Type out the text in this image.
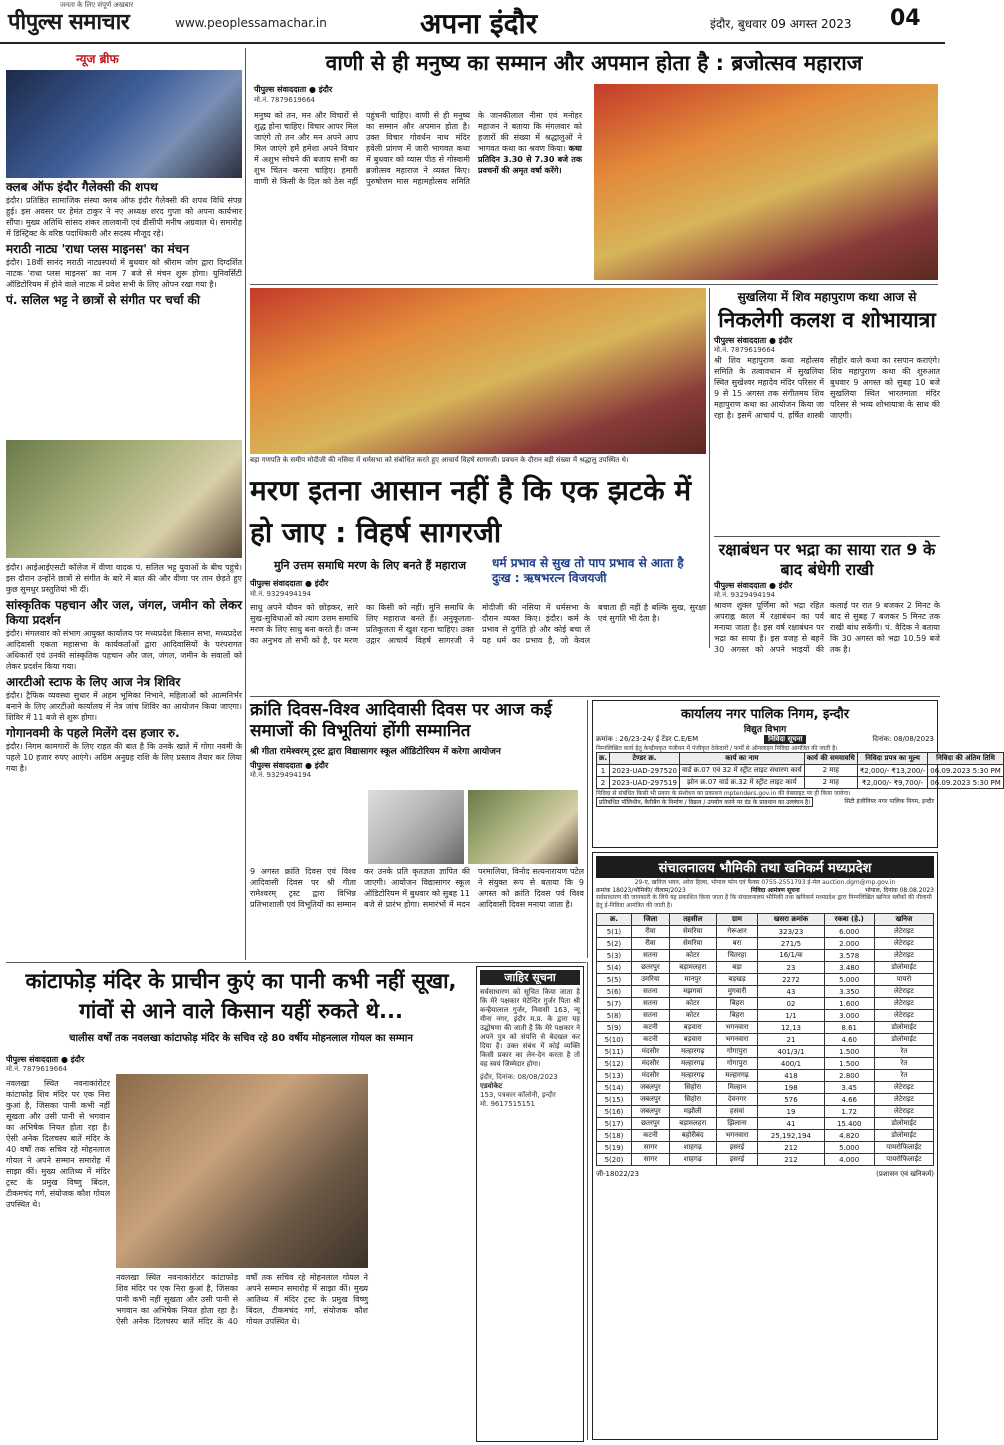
पीपुल्स समाचार
जनता के लिए संपूर्ण अखबार
www.peoplessamachar.in	अपना इंदौर	इंदौर, बुधवार 09 अगस्त 2023 04
न्यूज ब्रीफ
क्लब ऑफ इंदौर गैलेक्सी की शपथ

इंदौर। प्रतिष्ठित सामाजिक संस्था क्लब ऑफ इंदौर गैलेक्सी की शपथ विधि संपन्न हुई। इस अवसर पर हेमंत टाकुर ने नए अध्यक्ष शरद गुप्ता को अपना कार्यभार सौंपा। मुख्य अतिथि सांसद शंकर लालवानी एवं डीसीपी मनीष अग्रवाल थे। समारोह में डिस्ट्रिक्ट के वरिष्ठ पदाधिकारी और सदस्य मौजूद रहे।

मराठी नाट्य 'राधा प्लस माइनस' का मंचन

इंदौर। 18वीं सानंद मराठी नाट्यस्पर्धा में बुधवार को श्रीराम जोग द्वारा दिग्दर्शित नाटक 'राधा प्लस माइनस' का नाम 7 बजे से मंचन शुरू होगा। युनिवर्सिटी ऑडिटोरियम में होने वाले नाटक में प्रवेश सभी के लिए ओपन रखा गया है।

पं. सलिल भट्ट ने छात्रों से संगीत पर चर्चा की

इंदौर। आईआईएसटी कॉलेज में वीणा वादक पं. सलिल भट्ट युवाओं के बीच पहुंचे। इस दौरान उन्होंने छात्रों से संगीत के बारे में बात की और वीणा पर तान छेड़ते हुए कुछ सुमधुर प्रस्तुतियां भी दीं।

सांस्कृतिक पहचान और जल, जंगल, जमीन को लेकर किया प्रदर्शन

इंदौर। मंगलवार को संभाग आयुक्त कार्यालय पर मध्यप्रदेश किसान सभा, मध्यप्रदेश आदिवासी एकता महासभा के कार्यकर्ताओं द्वारा आदिवासियों के परंपरागत अधिकारों एवं उनकी सांस्कृतिक पहचान और जल, जंगल, जमीन के सवालों को लेकर प्रदर्शन किया गया।

आरटीओ स्टाफ के लिए आज नेत्र शिविर

इंदौर। ट्रैफिक व्यवस्था सुधार में अहम भूमिका निभाने, महिलाओं को आत्मनिर्भर बनाने के लिए आरटीओ कार्यालय में नेत्र जांच शिविर का आयोजन किया जाएगा। शिविर में 11 बजे से शुरू होगा।

गोगानवमी के पहले मिलेंगे दस हजार रु.

इंदौर। निगम कामगारों के लिए राहत की बात है कि उनके खाते में गोगा नवमी के पहले 10 हजार रुपए आएंगे। अग्रिम अनुग्रह राशि के लिए प्रस्ताव तैयार कर लिया गया है।

वाणी से ही मनुष्य का सम्मान और अपमान होता है : ब्रजोत्सव महाराज
पीपुल्स संवाददाता ● इंदौर
मो.नं. 7879619664
मनुष्य को तन, मन और विचारों से शुद्ध होना चाहिए। विचार आपर मिल जाएंगे तो तन और मन अपने आप मिल जाएंगे हमें हमेशा अपने विचार में अशुभ सोचने की बजाय सभी का शुभ चिंतन करना चाहिए। हमारी वाणी से किसी के दिल को ठेस नहीं पहुंचनी चाहिए। वाणी से ही मनुष्य का सम्मान और अपमान होता है। उक्त विचार गोवर्धन नाथ मंदिर हवेली प्रांगण में जारी भागवत कथा में बुधवार को व्यास पीठ से गोस्वामी ब्रजोत्सव महाराज ने व्यक्त किए। पुरुषोत्तम मास महामहोत्सव समिति के जानकीलाल नीमा एवं मनोहर महाजन ने बताया कि मंगलवार को हजारों की संख्या में श्रद्धालुओं ने भागवत कथा का श्रवण किया। कथा प्रतिदिन 3.30 से 7.30 बजे तक प्रवचनों की अमृत वर्षा करेंगे।
बड़ा गणपति के समीप मोदीजी की नसिया में धर्मसभा को संबोधित करते हुए आचार्य विहर्ष सागरजी। प्रवचन के दौरान बड़ी संख्या में श्रद्धालु उपस्थित थे।
मरण इतना आसान नहीं है कि एक झटके में हो जाए : विहर्ष सागरजी
मुनि उत्तम समाधि मरण के लिए बनते हैं महाराज	धर्म प्रभाव से सुख तो पाप प्रभाव से आता है दुःख : ऋषभरत्न विजयजी
पीपुल्स संवाददाता ● इंदौर
मो.नं. 9329494194
साधु अपने यौवन को छोड़कर, सारे सुख-सुविधाओं को त्याग उत्तम समाधि मरण के लिए साधु बना करते हैं। जन्म का अनुभव तो सभी को है, पर मरण का किसी को नहीं। मुनि समाधि के लिए महाराज बनते हैं। अनुकूलता-प्रतिकूलता में खुश रहना चाहिए। उक्त उद्गार आचार्य विहर्ष सागरजी ने मोदीजी की नसिया में धर्मसभा के दौरान व्यक्त किए। इंदौर। कर्म के प्रभाव से दुर्गति हो और कोई बचा लें यह धर्म का प्रभाव है, जो केवल बचाता ही नहीं है बल्कि सुख, सुरक्षा एवं सुगति भी देता है।
सुखलिया में शिव महापुराण कथा आज से
निकलेगी कलश व शोभायात्रा
पीपुल्स संवाददाता ● इंदौर
मो.नं. 7879619664
श्री शिव महापुराण कथा महोत्सव समिति के तत्वावधान में सुखलिया स्थित सुखेश्वर महादेव मंदिर परिसर में 9 से 15 अगस्त तक संगीतमय शिव महापुराण कथा का आयोजन किया जा रहा है। इसमें आचार्य पं. हर्षित शास्त्री सीहोर वाले कथा का रसपान कराएंगे। शिव महापुराण कथा की शुरुआत बुधवार 9 अगस्त को सुबह 10 बजे सुखलिया स्थित भारतमाता मंदिर परिसर से भव्य शोभायात्रा के साथ की जाएगी।
रक्षाबंधन पर भद्रा का साया रात 9 के बाद बंधेगी राखी
पीपुल्स संवाददाता ● इंदौर
मो.नं. 9329494194
श्रावण शुक्ल पूर्णिमा को भद्रा रहित अपराह्न काल में रक्षाबंधन का पर्व मनाया जाता है। इस वर्ष रक्षाबंधन पर भद्रा का साया है। इस वजह से बहनें 30 अगस्त को अपने भाइयों की कलाई पर रात 9 बजकर 2 मिनट के बाद से सुबह 7 बजकर 5 मिनट तक राखी बांध सकेंगी। पं. वैदिक ने बताया कि 30 अगस्त को भद्रा 10.59 बजे तक है।
क्रांति दिवस-विश्व आदिवासी दिवस पर आज कई समाजों की विभूतियां होंगी सम्मानित
श्री गीता रामेश्वरम् ट्रस्ट द्वारा विद्यासागर स्कूल ऑडिटोरियम में करेगा आयोजन
पीपुल्स संवाददाता ● इंदौर
मो.नं. 9329494194
9 अगस्त क्रांति दिवस एवं विश्व आदिवासी दिवस पर श्री गीता रामेश्वरम् ट्रस्ट द्वारा विभिन्न प्रतिभाशाली एवं विभूतियों का सम्मान कर उनके प्रति कृतज्ञता ज्ञापित की जाएगी। आयोजन विद्यासागर स्कूल ऑडिटोरियम में बुधवार को सुबह 11 बजे से प्रारंभ होगा। समारंभों में मदन परमालिया, विनोद सत्यनारायण पटेल ने संयुक्त रूप से बताया कि 9 अगस्त को क्रांति दिवस पर्व विश्व आदिवासी दिवस मनाया जाता है।
कार्यालय नगर पालिक निगम, इन्दौर
विद्युत विभाग
क्रमांक : 26/23-24/ ई टेंडर C.E/EM	निविदा सूचना	दिनांक: 08/08/2023
निम्नलिखित कार्य हेतु केन्द्रीयकृत पंजीयन में पंजीकृत ठेकेदारों / फर्मों से ऑनलाइन निविदा आमंत्रित की जाती है।
क्र.	टेण्डर क्र.	कार्य का नाम	कार्य की समयावधि	निविदा प्रपत्र का मूल्य	निविदा की अंतिम तिथि
1	2023-UAD-297520	वार्ड क्र.07 एवं 32 में स्ट्रीट लाइट संधारण कार्य	2 माह	₹2,000/- ₹13,200/-	06.09.2023 5:30 PM
2	2023-UAD-297519	झोन क्र.07 वार्ड क्र.32 में स्ट्रीट लाइट कार्य	2 माह	₹2,000/- ₹9,700/-	06.09.2023 5:30 PM
निविदा से संबंधित किसी भी प्रकार के संशोधन का प्रकाशन mptenders.gov.in की वेबसाइट पर ही किया जावेगा।
प्रतिबंधित पॉलिथीन, कैरीबैग के निर्माण / विक्रय / उपयोग करने पर दंड के प्रावधान का उल्लंघन है।	सिटी इंजीनियर नगर पालिक निगम, इन्दौर
संचालनालय भौमिकी तथा खनिकर्म मध्यप्रदेश
29-ए, खनिज भवन, अरेरा हिल्स, भोपाल फोन एवं फैक्स 0755-2551793 ई-मेल auction.dgm@mp.gov.in
क्रमांक 18023/भौमिकी/ नीलाम/2023	निविदा आमंत्रण सूचना	भोपाल, दिनांक 08.08.2023
सर्वसाधारण की जानकारी के लिये यह प्रकाशित किया जाता है कि संचालनालय भौमिकी तथा खनिकर्म मध्यप्रदेश द्वारा निम्नलिखित खनिज ब्लॉकों की नीलामी हेतु ई-निविदा आमंत्रित की जाती है।
क्र.	जिला	तहसील	ग्राम	खसरा क्रमांक	रकबा (हे.)	खनिज
5(1)	रीवा	सेमरिया	गेरूआर	323/23	6.000	लेटेराइट
5(2)	रीवा	सेमरिया	बरा	271/5	2.000	लेटेराइट
5(3)	सतना	कोटर	चितरहा	16/1/क	3.578	लेटेराइट
5(4)	छतरपुर	बड़ामलहरा	बड़ा	23	3.480	डोलोमाईट
5(5)	उमरिया	मानपुर	बड़खड़	2272	5.000	पायरो
5(6)	सतना	मझगवां	मुगवारी	43	3.350	लेटेराइट
5(7)	सतना	कोटर	बिहरा	02	1.600	लेटेराइट
5(8)	सतना	कोटर	बिहरा	1/1	3.000	लेटेराइट
5(9)	कटनी	बड़वारा	भगनवारा	12,13	8.61	डोलोमाईट
5(10)	कटनी	बड़वारा	भगनवारा	21	4.60	डोलोमाईट
5(11)	मंदसौर	मल्हारगढ़	गोगापुरा	401/3/1	1.500	रेत
5(12)	मंदसौर	मल्हारगढ़	गोगापुरा	400/1	1.500	रेत
5(13)	मंदसौर	मल्हारगढ़	मल्हारगढ़	418	2.800	रेत
5(14)	जबलपुर	सिहोरा	मिल्हान	198	3.45	लेटेराइट
5(15)	जबलपुर	सिहोरा	देवनगर	576	4.66	लेटेराइट
5(16)	जबलपुर	मझौली	हसवां	19	1.72	लेटेराइट
5(17)	छतरपुर	बड़ामलहरा	झिलाना	41	15.400	डोलोमाईट
5(18)	कटनी	बहोरीबंद	भगनवारा	25,192,194	4.820	डोलोमाईट
5(19)	सागर	शाहगढ़	इसरई	212	5.000	पायरोफिलाईट
5(20)	सागर	शाहगढ़	इसरई	212	4.000	पायरोफिलाईट
जी-18022/23	(प्रशासन एवं खनिकर्म)
कांटाफोड़ मंदिर के प्राचीन कुएं का पानी कभी नहीं सूखा, गांवों से आने वाले किसान यहीं रुकते थे...
चालीस वर्षों तक नवलखा कांटाफोड़ मंदिर के सचिव रहे 80 वर्षीय मोहनलाल गोयल का सम्मान
पीपुल्स संवाददाता ● इंदौर
मो.नं. 7879619664
नवलखा स्थित नवनाकांरोटर कांटाफोड़ शिव मंदिर पर एक निरा कुआं है, जिसका पानी कभी नहीं सूखता और उसी पानी से भगवान का अभिषेक नियत होता रहा है। ऐसी अनेक दिलचस्प बातें मंदिर के 40 वर्षों तक सचिव रहे मोहनलाल गोयल ने अपने सम्मान समारोह में साझा कीं। मुख्य आतिथ्य में मंदिर ट्रस्ट के प्रमुख विष्णु बिंदल, टीकमचंद गर्ग, संयोजक कौश गोयल उपस्थित थे।
नवलखा स्थित नवनाकांरोटर कांटाफोड़ शिव मंदिर पर एक निरा कुआं है, जिसका पानी कभी नहीं सूखता और उसी पानी से भगवान का अभिषेक नियत होता रहा है। ऐसी अनेक दिलचस्प बातें मंदिर के 40 वर्षों तक सचिव रहे मोहनलाल गोयल ने अपने सम्मान समारोह में साझा कीं। मुख्य आतिथ्य में मंदिर ट्रस्ट के प्रमुख विष्णु बिंदल, टीकमचंद गर्ग, संयोजक कौश गोयल उपस्थित थे।
जाहिर सूचना
सर्वसाधारण को सूचित किया जाता है कि मेरे पक्षकार मेटेन्दिर गुर्जर पिता श्री कन्हैयालाल गुर्जर, निवासी 163, न्यू मीना नगर, इंदौर म.प्र. के द्वारा यह उद्घोषणा की जाती है कि मेरे पक्षकार ने अपने पुत्र को संपत्ति से बेदखल कर दिया है। उक्त संबंध में कोई व्यक्ति किसी प्रकार का लेन-देन करता है तो वह स्वयं जिम्मेदार होगा।
इंदौर, दिनांक: 08/08/2023
एडवोकेट
153, पत्रकार कॉलोनी, इन्दौर
मो. 9617515151
